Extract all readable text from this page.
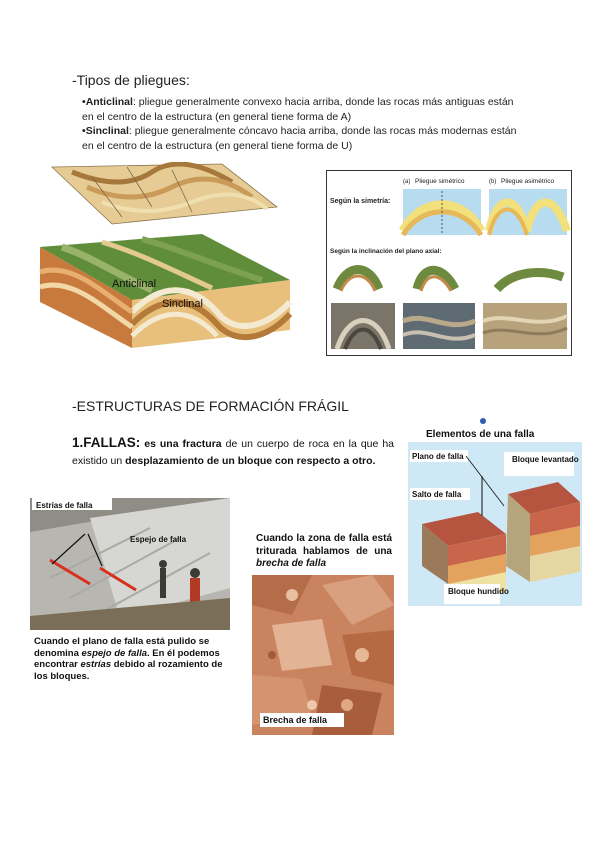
-Tipos de pliegues:

•Anticlinal: pliegue generalmente convexo hacia arriba, donde las rocas más antiguas están en el centro de la estructura (en general tiene forma de A)

•Sinclinal: pliegue generalmente cóncavo hacia arriba, donde las rocas más modernas están en el centro de la estructura (en general tiene forma de U)

Anticlinal
Sinclinal
Según la simetría:
(a) Pliegue simétrico	(b) Pliegue asimétrico
Según la inclinación del plano axial:
-ESTRUCTURAS DE FORMACIÓN FRÁGIL
1.FALLAS: es una fractura de un cuerpo de roca en la que ha existido un desplazamiento de un bloque con respecto a otro.
Elementos de una falla
Plano de falla	Bloque levantado
Salto de falla
Bloque hundido
Estrías de falla
Espejo de falla
Cuando el plano de falla está pulido se denomina espejo de falla. En él podemos encontrar estrías debido al rozamiento de los bloques.
Cuando la zona de falla está triturada hablamos de una brecha de falla
Brecha de falla
